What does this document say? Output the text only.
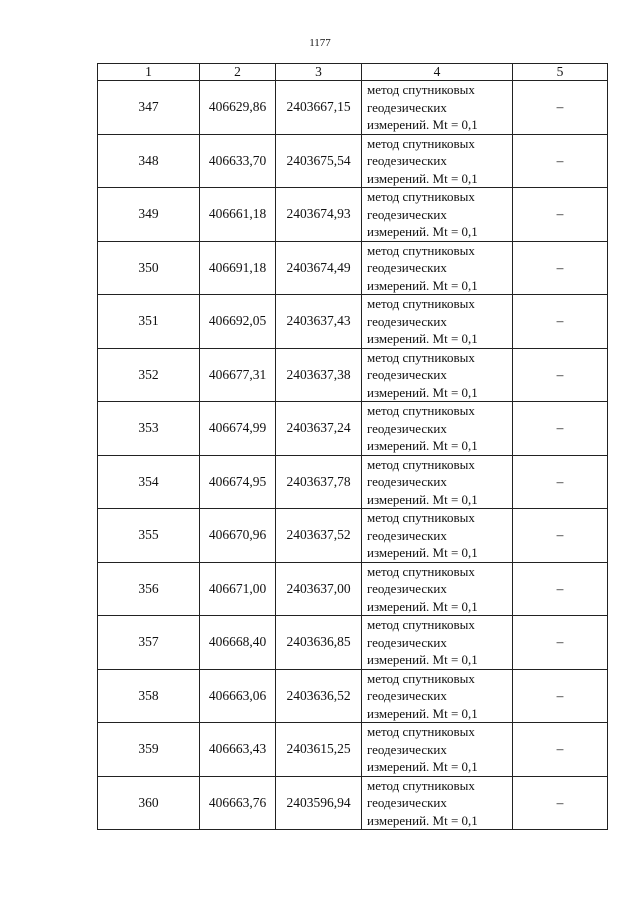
1177
1	2	3	4	5
347	406629,86	2403667,15	метод спутниковых
геодезических
измерений. Mt = 0,1	–
348	406633,70	2403675,54	метод спутниковых
геодезических
измерений. Mt = 0,1	–
349	406661,18	2403674,93	метод спутниковых
геодезических
измерений. Mt = 0,1	–
350	406691,18	2403674,49	метод спутниковых
геодезических
измерений. Mt = 0,1	–
351	406692,05	2403637,43	метод спутниковых
геодезических
измерений. Mt = 0,1	–
352	406677,31	2403637,38	метод спутниковых
геодезических
измерений. Mt = 0,1	–
353	406674,99	2403637,24	метод спутниковых
геодезических
измерений. Mt = 0,1	–
354	406674,95	2403637,78	метод спутниковых
геодезических
измерений. Mt = 0,1	–
355	406670,96	2403637,52	метод спутниковых
геодезических
измерений. Mt = 0,1	–
356	406671,00	2403637,00	метод спутниковых
геодезических
измерений. Mt = 0,1	–
357	406668,40	2403636,85	метод спутниковых
геодезических
измерений. Mt = 0,1	–
358	406663,06	2403636,52	метод спутниковых
геодезических
измерений. Mt = 0,1	–
359	406663,43	2403615,25	метод спутниковых
геодезических
измерений. Mt = 0,1	–
360	406663,76	2403596,94	метод спутниковых
геодезических
измерений. Mt = 0,1	–
